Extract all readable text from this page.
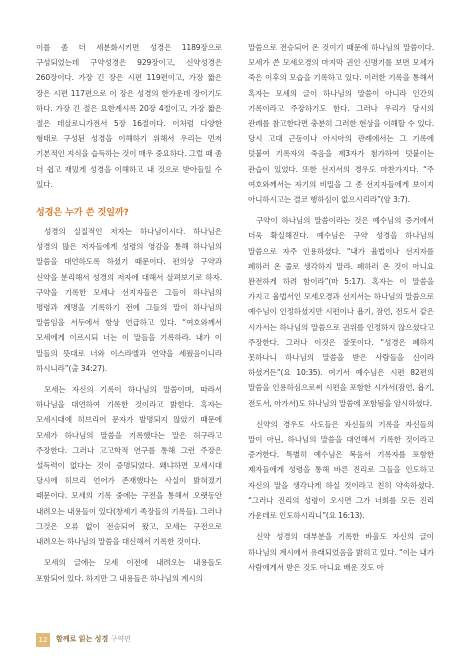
이를 좀 더 세분화시키면 성경은 1189장으로 구성되었는데 구약성경은 929장이고, 신약성경은 260장이다. 가장 긴 장은 시편 119편이고, 가장 짧은 장은 시편 117편으로 이 장은 성경의 한가운데 장이기도 하다. 가장 긴 절은 요한계시록 20장 4절이고, 가장 짧은 절은 데살로니가전서 5장 16절이다. 이처럼 다양한 형태로 구성된 성경을 이해하기 위해서 우리는 먼저 기본적인 지식을 습득하는 것이 매우 중요하다. 그럴 때 좀 더 쉽고 재밌게 성경을 이해하고 내 것으로 받아들일 수 있다.

성경은 누가 쓴 것일까?

성경의 실질적인 저자는 하나님이시다. 하나님은 성경의 많은 저자들에게 성령의 영감을 통해 하나님의 말씀을 대언하도록 하셨기 때문이다. 편의상 구약과 신약을 분리해서 성경의 저자에 대해서 살펴보기로 하자. 구약을 기록한 모세나 선지자들은 그들이 하나님의 명령과 계명을 기록하기 전에 그들의 말이 하나님의 말씀임을 서두에서 항상 언급하고 있다. “여호와께서 모세에게 이르시되 너는 이 말들을 기록하라. 내가 이 말들의 뜻대로 너와 이스라엘과 언약을 세웠음이니라 하시니라”(출 34:27).

모세는 자신의 기록이 하나님의 말씀이며, 따라서 하나님을 대언하여 기록한 것이라고 밝힌다. 혹자는 모세시대에 히브리어 문자가 발명되지 않았기 때문에 모세가 하나님의 말씀을 기록했다는 말은 허구라고 주장한다. 그러나 고고학적 연구를 통해 그런 주장은 설득력이 없다는 것이 증명되었다. 왜냐하면 모세시대 당시에 히브리 언어가 존재했다는 사실이 밝혀졌기 때문이다. 모세의 기록 중에는 구전을 통해서 오랫동안 내려오는 내용들이 있다(창세기 족장들의 기록들). 그러나 그것은 오류 없이 전승되어 왔고, 모세는 구전으로 내려오는 하나님의 말씀을 대신해서 기록한 것이다.

모세의 글에는 모세 이전에 내려오는 내용들도 포함되어 있다. 하지만 그 내용들은 하나님의 계시의

말씀으로 전승되어 온 것이기 때문에 하나님의 말씀이다. 모세가 쓴 모세오경의 마지막 권인 신명기를 보면 모세가 죽은 이후의 모습을 기록하고 있다. 이러한 기록을 통해서 혹자는 모세의 글이 하나님의 말씀이 아니라 인간의 기록이라고 주장하기도 한다. 그러나 우리가 당시의 관례를 참고한다면 충분히 그러한 현상을 이해할 수 있다. 당시 고대 근동이나 아시아의 관례에서는 그 기록에 덧붙여 기록자의 죽음을 제3자가 첨가하여 덧붙이는 관습이 있었다. 또한 선지서의 경우도 마찬가지다. “주 여호와께서는 자기의 비밀을 그 종 선지자들에게 보이지 아니하시고는 결코 행하심이 없으시리라”(암 3:7).

구약이 하나님의 말씀이라는 것은 예수님의 증거에서 더욱 확실해진다. 예수님은 구약 성경을 하나님의 말씀으로 자주 인용하셨다. “내가 율법이나 선지자를 폐하러 온 줄로 생각하지 말라. 폐하러 온 것이 아니요 완전하게 하려 함이라”(마 5:17). 혹자는 이 말씀을 가지고 율법서인 모세오경과 선지서는 하나님의 말씀으로 예수님이 인정하셨지만 시편이나 욥기, 잠언, 전도서 같은 시가서는 하나님의 말씀으로 권위를 인정하지 않으셨다고 주장한다. 그러나 이것은 잘못이다. “성경은 폐하지 못하나니 하나님의 말씀을 받은 사람들을 신이라 하셨거든”(요 10:35). 여기서 예수님은 시편 82편의 말씀을 인용하심으로써 시편을 포함한 시가서(잠언, 욥기, 전도서, 아가서)도 하나님의 말씀에 포함됨을 암시하셨다.

신약의 경우도 사도들은 자신들의 기록을 자신들의 말이 아닌, 하나님의 말씀을 대언해서 기록한 것이라고 증거한다. 특별히 예수님은 복음서 기록자를 포함한 제자들에게 성령을 통해 바른 진리로 그들을 인도하고 자신의 말을 생각나게 하실 것이라고 친히 약속하셨다. “그러나 진리의 성령이 오시면 그가 너희를 모든 진리 가운데로 인도하시리니”(요 16:13).

신약 성경의 대부분을 기록한 바울도 자신의 글이 하나님의 계시에서 유래되었음을 밝히고 있다. “이는 내가 사람에게서 받은 것도 아니요 배운 것도 아

12	함께로 읽는 성경 구약편
